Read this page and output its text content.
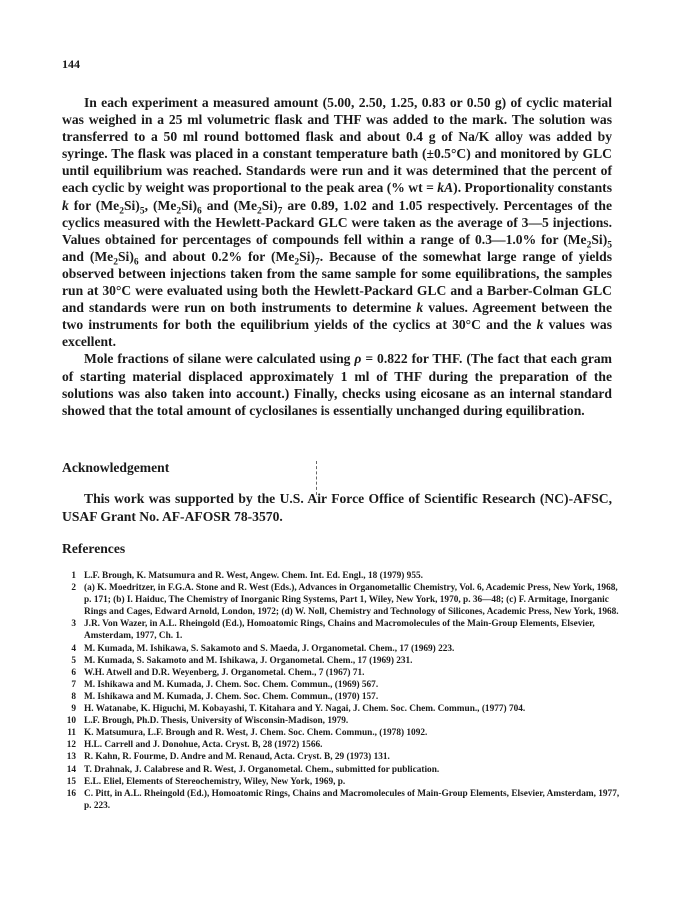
144

In each experiment a measured amount (5.00, 2.50, 1.25, 0.83 or 0.50 g) of cyclic material was weighed in a 25 ml volumetric flask and THF was added to the mark. The solution was transferred to a 50 ml round bottomed flask and about 0.4 g of Na/K alloy was added by syringe. The flask was placed in a constant temperature bath (±0.5°C) and monitored by GLC until equilibrium was reached. Standards were run and it was determined that the percent of each cyclic by weight was proportional to the peak area (% wt = kA). Proportionality constants k for $(Me_2Si)_5$, $(Me_2Si)_6$ and $(Me_2Si)_7$ are 0.89, 1.02 and 1.05 respectively. Percentages of the cyclics measured with the Hewlett-Packard GLC were taken as the average of 3—5 injections. Values obtained for percentages of compounds fell within a range of 0.3—1.0% for $(Me_2Si)_5$ and $(Me_2Si)_6$ and about 0.2% for $(Me_2Si)_7$. Because of the somewhat large range of yields observed between injections taken from the same sample for some equilibrations, the samples run at 30°C were evaluated using both the Hewlett-Packard GLC and a Barber-Colman GLC and standards were run on both instruments to determine k values. Agreement between the two instruments for both the equilibrium yields of the cyclics at 30°C and the k values was excellent.

Mole fractions of silane were calculated using ρ = 0.822 for THF. (The fact that each gram of starting material displaced approximately 1 ml of THF during the preparation of the solutions was also taken into account.) Finally, checks using eicosane as an internal standard showed that the total amount of cyclosilanes is essentially unchanged during equilibration.

Acknowledgement

This work was supported by the U.S. Air Force Office of Scientific Research (NC)-AFSC, USAF Grant No. AF-AFOSR 78-3570.

References
1 L.F. Brough, K. Matsumura and R. West, Angew. Chem. Int. Ed. Engl., 18 (1979) 955.
2 (a) K. Moedritzer, in F.G.A. Stone and R. West (Eds.), Advances in Organometallic Chemistry, Vol. 6, Academic Press, New York, 1968, p. 171; (b) I. Haiduc, The Chemistry of Inorganic Ring Systems, Part 1, Wiley, New York, 1970, p. 36—48; (c) F. Armitage, Inorganic Rings and Cages, Edward Arnold, London, 1972; (d) W. Noll, Chemistry and Technology of Silicones, Academic Press, New York, 1968.
3 J.R. Von Wazer, in A.L. Rheingold (Ed.), Homoatomic Rings, Chains and Macromolecules of the Main-Group Elements, Elsevier, Amsterdam, 1977, Ch. 1.
4 M. Kumada, M. Ishikawa, S. Sakamoto and S. Maeda, J. Organometal. Chem., 17 (1969) 223.
5 M. Kumada, S. Sakamoto and M. Ishikawa, J. Organometal. Chem., 17 (1969) 231.
6 W.H. Atwell and D.R. Weyenberg, J. Organometal. Chem., 7 (1967) 71.
7 M. Ishikawa and M. Kumada, J. Chem. Soc. Chem. Commun., (1969) 567.
8 M. Ishikawa and M. Kumada, J. Chem. Soc. Chem. Commun., (1970) 157.
9 H. Watanabe, K. Higuchi, M. Kobayashi, T. Kitahara and Y. Nagai, J. Chem. Soc. Chem. Commun., (1977) 704.
10 L.F. Brough, Ph.D. Thesis, University of Wisconsin-Madison, 1979.
11 K. Matsumura, L.F. Brough and R. West, J. Chem. Soc. Chem. Commun., (1978) 1092.
12 H.L. Carrell and J. Donohue, Acta. Cryst. B, 28 (1972) 1566.
13 R. Kahn, R. Fourme, D. Andre and M. Renaud, Acta. Cryst. B, 29 (1973) 131.
14 T. Drahnak, J. Calabrese and R. West, J. Organometal. Chem., submitted for publication.
15 E.L. Eliel, Elements of Stereochemistry, Wiley, New York, 1969, p.
16 C. Pitt, in A.L. Rheingold (Ed.), Homoatomic Rings, Chains and Macromolecules of Main-Group Elements, Elsevier, Amsterdam, 1977, p. 223.
